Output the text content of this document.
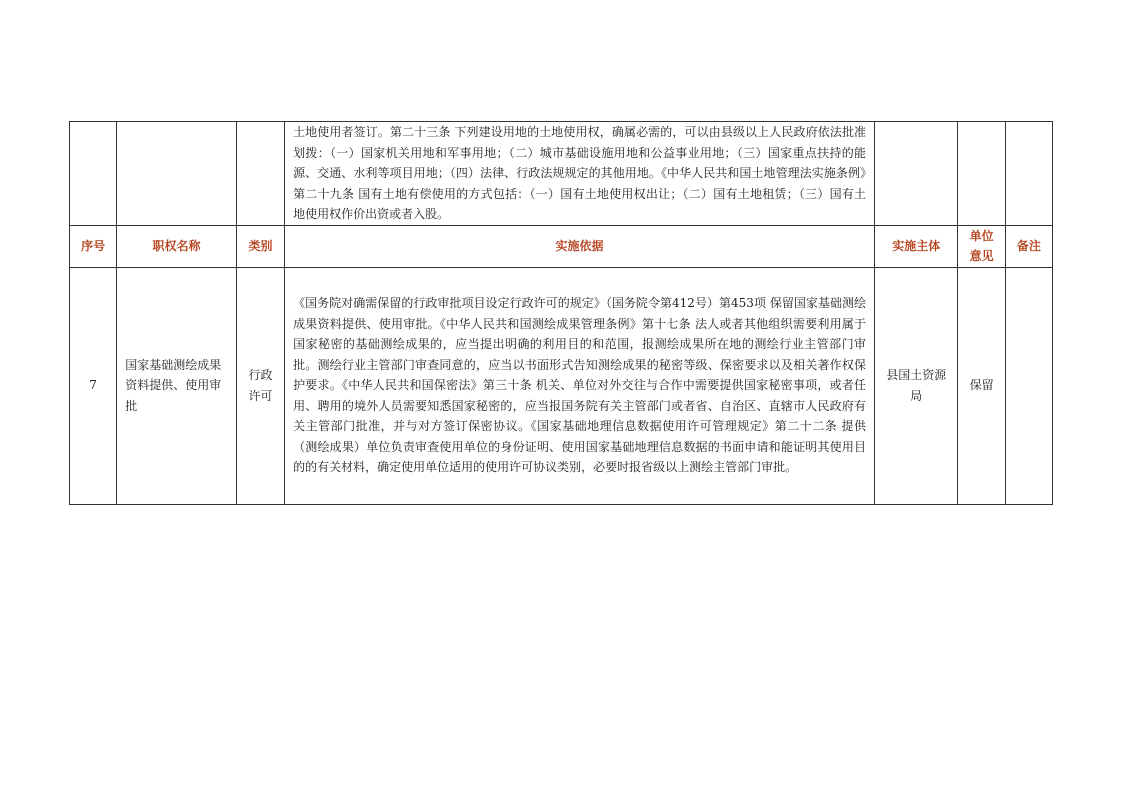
			土地使用者签订。第二十三条 下列建设用地的土地使用权，确属必需的，可以由县级以上人民政府依法批准划拨：（一）国家机关用地和军事用地；（二）城市基础设施用地和公益事业用地；（三）国家重点扶持的能源、交通、水利等项目用地；（四）法律、行政法规规定的其他用地。《中华人民共和国土地管理法实施条例》第二十九条 国有土地有偿使用的方式包括：（一）国有土地使用权出让；（二）国有土地租赁；（三）国有土地使用权作价出资或者入股。			
序号	职权名称	类别	实施依据	实施主体	单位意见	备注
7	国家基础测绘成果资料提供、使用审批	行政许可	《国务院对确需保留的行政审批项目设定行政许可的规定》（国务院令第412号）第453项 保留国家基础测绘成果资料提供、使用审批。《中华人民共和国测绘成果管理条例》第十七条 法人或者其他组织需要利用属于国家秘密的基础测绘成果的，应当提出明确的利用目的和范围，报测绘成果所在地的测绘行业主管部门审批。测绘行业主管部门审查同意的，应当以书面形式告知测绘成果的秘密等级、保密要求以及相关著作权保护要求。《中华人民共和国保密法》第三十条 机关、单位对外交往与合作中需要提供国家秘密事项，或者任用、聘用的境外人员需要知悉国家秘密的，应当报国务院有关主管部门或者省、自治区、直辖市人民政府有关主管部门批准，并与对方签订保密协议。《国家基础地理信息数据使用许可管理规定》第二十二条 提供（测绘成果）单位负责审查使用单位的身份证明、使用国家基础地理信息数据的书面申请和能证明其使用目的的有关材料，确定使用单位适用的使用许可协议类别，必要时报省级以上测绘主管部门审批。	县国土资源局	保留	
